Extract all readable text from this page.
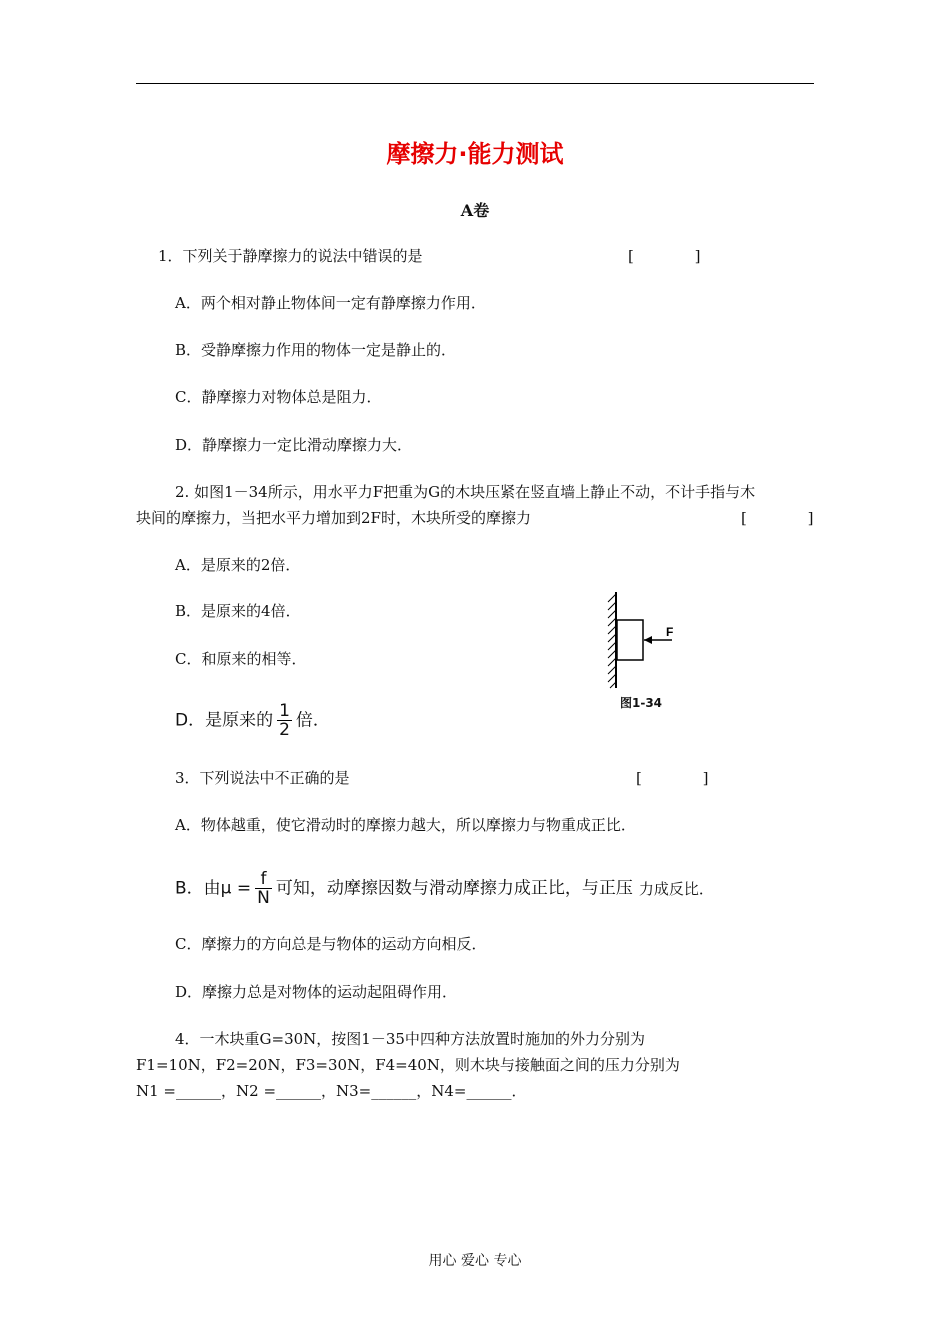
摩擦力·能力测试
A卷
1．下列关于静摩擦力的说法中错误的是	[ ]
A．两个相对静止物体间一定有静摩擦力作用．
B．受静摩擦力作用的物体一定是静止的．
C．静摩擦力对物体总是阻力．
D．静摩擦力一定比滑动摩擦力大．
2. 如图1－34所示，用水平力F把重为G的木块压紧在竖直墙上静止不动，不计手指与木
块间的摩擦力，当把水平力增加到2F时，木块所受的摩擦力	[ ]
A．是原来的2倍．
B．是原来的4倍．
C．和原来的相等．
D．是原来的 $\frac{1}{2}$ 倍．
F
图1-34
3．下列说法中不正确的是	[ ]
A．物体越重，使它滑动时的摩擦力越大，所以摩擦力与物重成正比．
B．由$\mu = \frac{f}{N}$ 可知，动摩擦因数与滑动摩擦力成正比，与正压 力成反比．
C．摩擦力的方向总是与物体的运动方向相反．
D．摩擦力总是对物体的运动起阻碍作用．
4．一木块重G=30N，按图1－35中四种方法放置时施加的外力分别为
F1=10N，F2=20N，F3=30N，F4=40N，则木块与接触面之间的压力分别为
N1 =______，N2 =______，N3=______，N4=______．
用心 爱心 专心
